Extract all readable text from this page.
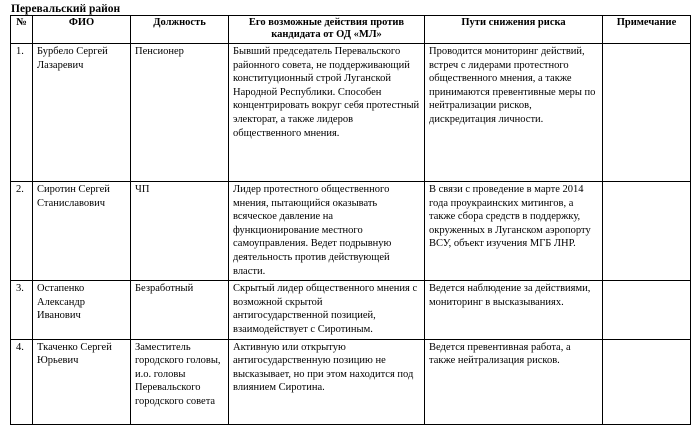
Перевальский район
№	ФИО	Должность	Его возможные действия против кандидата от ОД «МЛ»	Пути снижения риска	Примечание
1.	Бурбело Сергей Лазаревич	Пенсионер	Бывший председатель Перевальского районного совета, не поддерживающий конституционный строй Луганской Народной Республики. Способен концентрировать вокруг себя протестный электорат, а также лидеров общественного мнения.	Проводится мониторинг действий, встреч с лидерами протестного общественного мнения, а также принимаются превентивные меры по нейтрализации рисков, дискредитация личности.	
2.	Сиротин Сергей Станиславович	ЧП	Лидер протестного общественного мнения, пытающийся оказывать всяческое давление на функционирование местного самоуправления. Ведет подрывную деятельность против действующей власти.	В связи с проведение в марте 2014 года проукраинских митингов, а также сбора средств в поддержку, окруженных в Луганском аэропорту ВСУ, объект изучения МГБ ЛНР.	
3.	Остапенко Александр Иванович	Безработный	Скрытый лидер общественного мнения с возможной скрытой антигосударственной позицией, взаимодействует с Сиротиным.	Ведется наблюдение за действиями, мониторинг в высказываниях.	
4.	Ткаченко Сергей Юрьевич	Заместитель городского головы, и.о. головы Перевальского городского совета	Активную или открытую антигосударственную позицию не высказывает, но при этом находится под влиянием Сиротина.	Ведется превентивная работа, а также нейтрализация рисков.	
